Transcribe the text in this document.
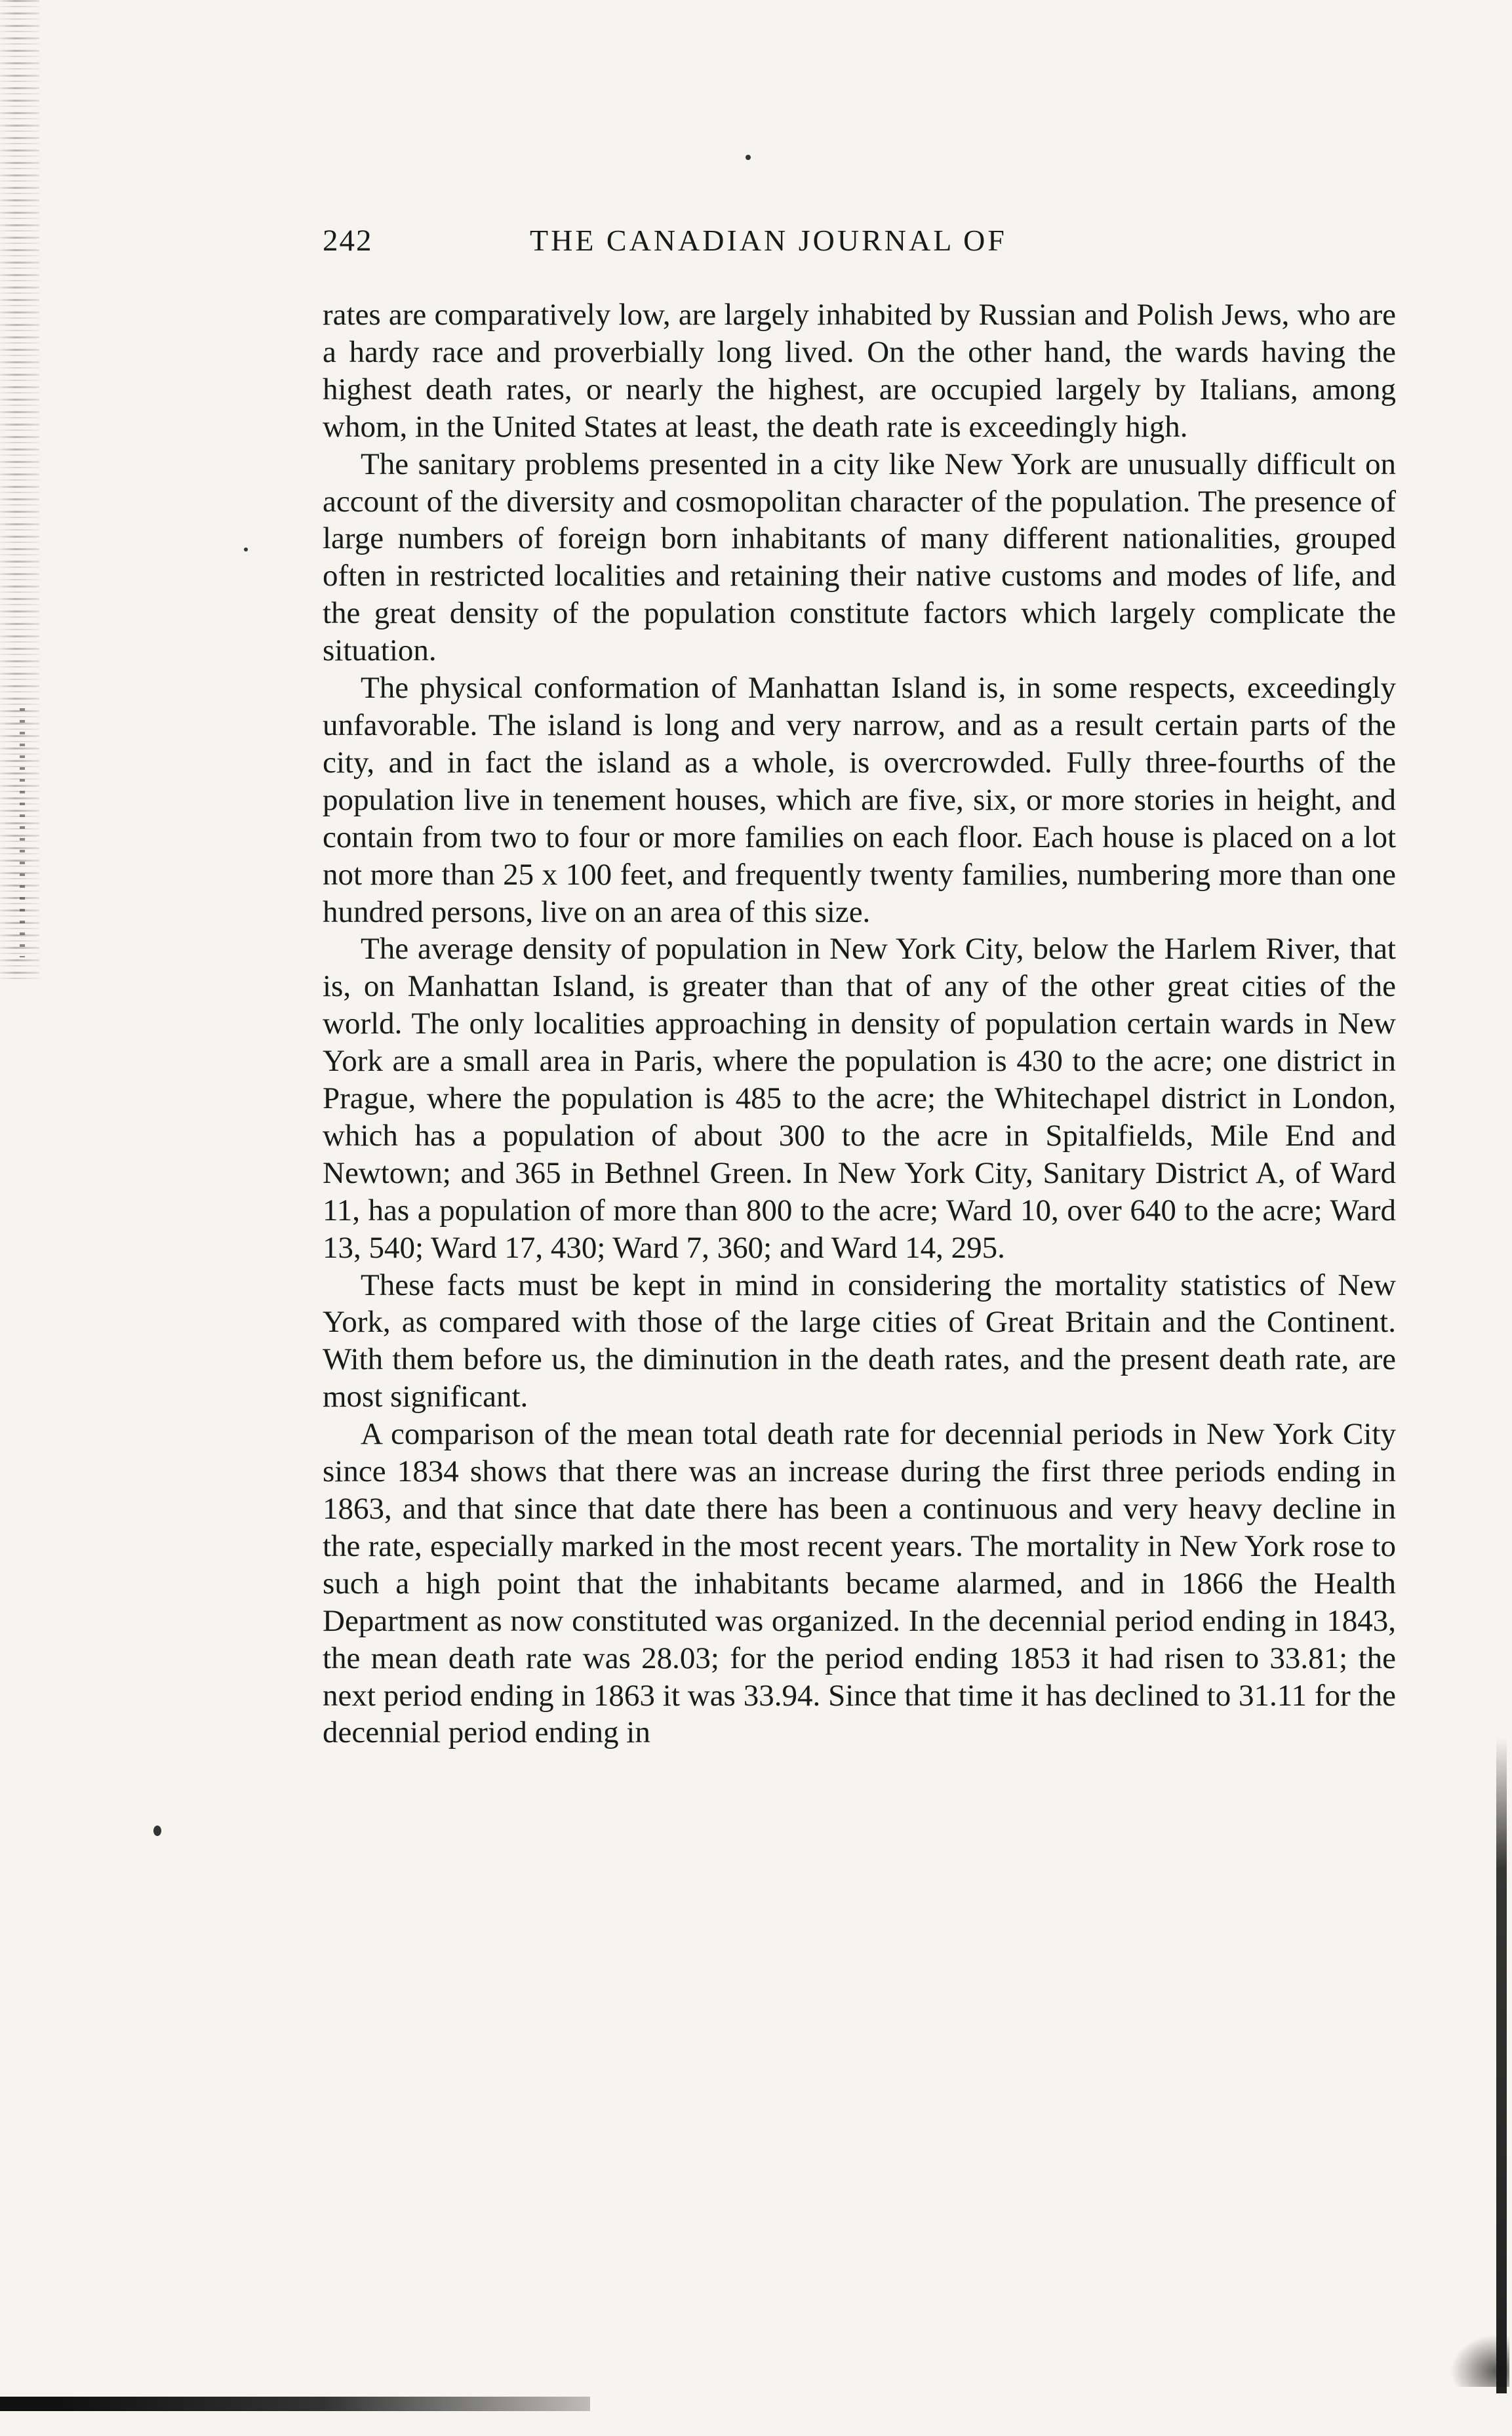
242	THE CANADIAN JOURNAL OF

rates are comparatively low, are largely inhabited by Russian and Polish Jews, who are a hardy race and proverbially long lived. On the other hand, the wards having the highest death rates, or nearly the highest, are occupied largely by Italians, among whom, in the United States at least, the death rate is exceedingly high.

The sanitary problems presented in a city like New York are unusually difficult on account of the diversity and cosmopolitan character of the population. The presence of large numbers of foreign born inhabitants of many different nationalities, grouped often in restricted localities and retaining their native customs and modes of life, and the great density of the population constitute factors which largely complicate the situation.

The physical conformation of Manhattan Island is, in some respects, exceedingly unfavorable. The island is long and very narrow, and as a result certain parts of the city, and in fact the island as a whole, is overcrowded. Fully three-fourths of the population live in tenement houses, which are five, six, or more stories in height, and contain from two to four or more families on each floor. Each house is placed on a lot not more than 25 x 100 feet, and frequently twenty families, numbering more than one hundred persons, live on an area of this size.

The average density of population in New York City, below the Harlem River, that is, on Manhattan Island, is greater than that of any of the other great cities of the world. The only localities approaching in density of population certain wards in New York are a small area in Paris, where the population is 430 to the acre; one district in Prague, where the population is 485 to the acre; the Whitechapel district in London, which has a population of about 300 to the acre in Spitalfields, Mile End and Newtown; and 365 in Bethnel Green. In New York City, Sanitary District A, of Ward 11, has a population of more than 800 to the acre; Ward 10, over 640 to the acre; Ward 13, 540; Ward 17, 430; Ward 7, 360; and Ward 14, 295.

These facts must be kept in mind in considering the mortality statistics of New York, as compared with those of the large cities of Great Britain and the Continent. With them before us, the diminution in the death rates, and the present death rate, are most significant.

A comparison of the mean total death rate for decennial periods in New York City since 1834 shows that there was an increase during the first three periods ending in 1863, and that since that date there has been a continuous and very heavy decline in the rate, especially marked in the most recent years. The mortality in New York rose to such a high point that the inhabitants became alarmed, and in 1866 the Health Department as now constituted was organized. In the decennial period ending in 1843, the mean death rate was 28.03; for the period ending 1853 it had risen to 33.81; the next period ending in 1863 it was 33.94. Since that time it has declined to 31.11 for the decennial period ending in
